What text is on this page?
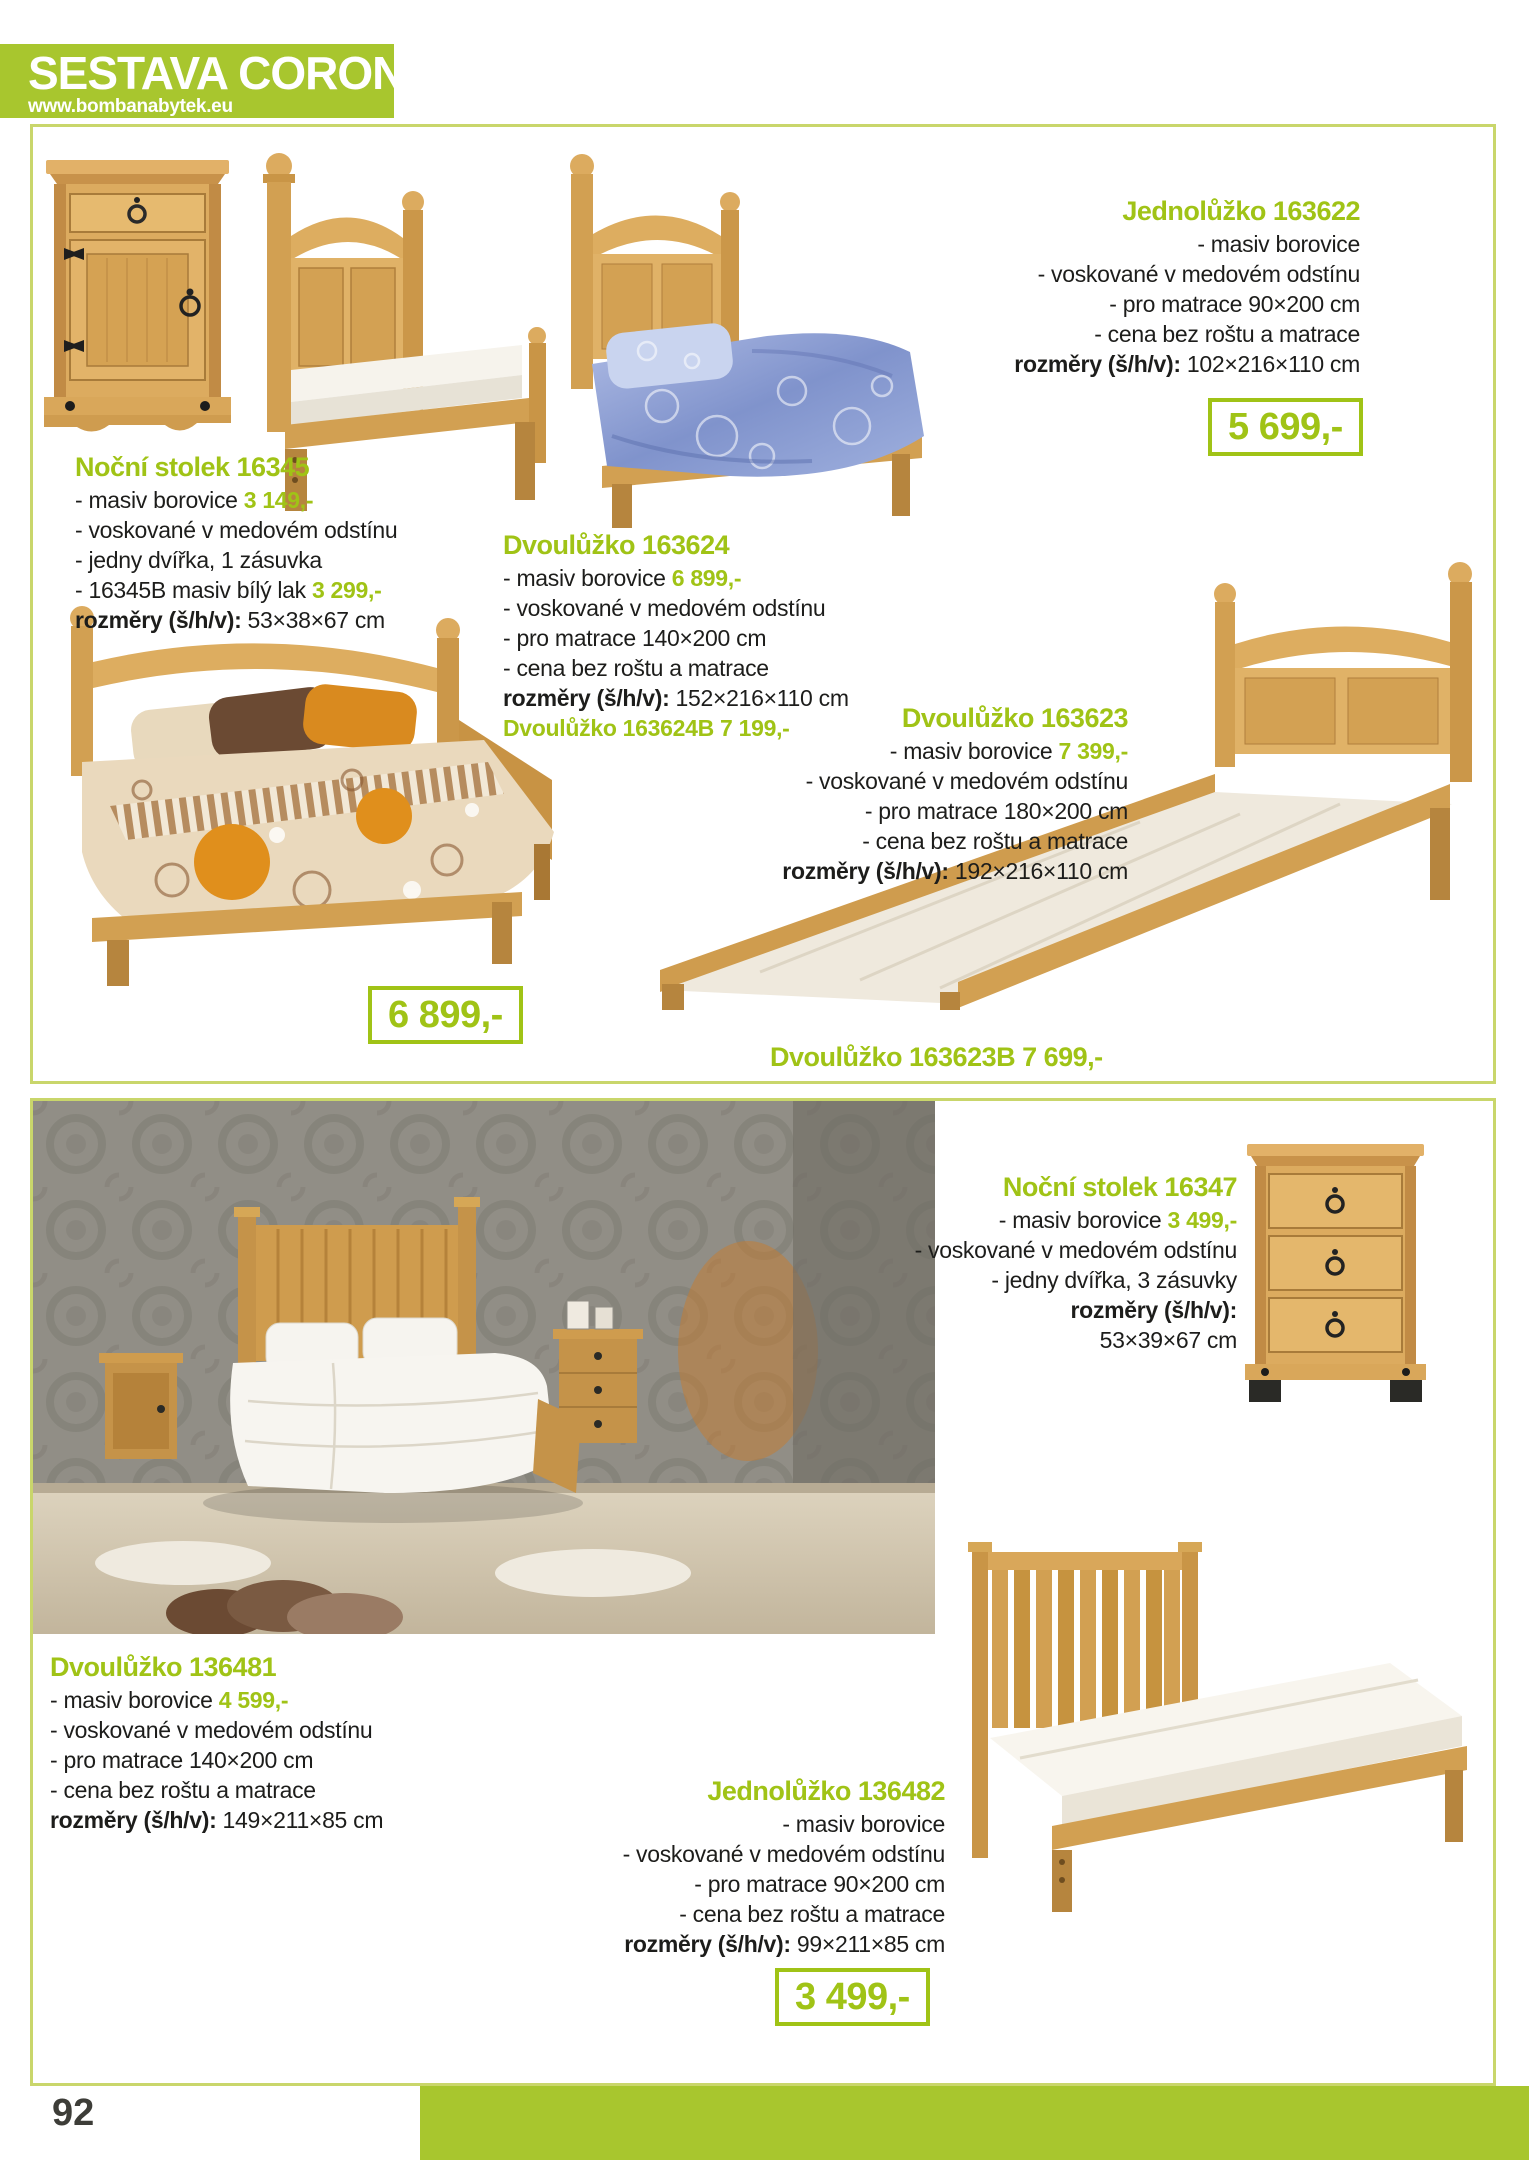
SESTAVA CORONA
www.bombanabytek.eu
Noční stolek 16345
- masiv borovice 3 149,-
- voskované v medovém odstínu
- jedny dvířka, 1 zásuvka
- 16345B masiv bílý lak 3 299,-
rozměry (š/h/v): 53×38×67 cm
Dvoulůžko 163624
- masiv borovice 6 899,-
- voskované v medovém odstínu
- pro matrace 140×200 cm
- cena bez roštu a matrace
rozměry (š/h/v): 152×216×110 cm
Dvoulůžko 163624B 7 199,-
Jednolůžko 163622
- masiv borovice
- voskované v medovém odstínu
- pro matrace 90×200 cm
- cena bez roštu a matrace
rozměry (š/h/v): 102×216×110 cm
Dvoulůžko 163623
- masiv borovice 7 399,-
- voskované v medovém odstínu
- pro matrace 180×200 cm
- cena bez roštu a matrace
rozměry (š/h/v): 192×216×110 cm
Noční stolek 16347
- masiv borovice 3 499,-
- voskované v medovém odstínu
- jedny dvířka, 3 zásuvky
rozměry (š/h/v):
53×39×67 cm
Dvoulůžko 136481
- masiv borovice 4 599,-
- voskované v medovém odstínu
- pro matrace 140×200 cm
- cena bez roštu a matrace
rozměry (š/h/v): 149×211×85 cm
Jednolůžko 136482
- masiv borovice
- voskované v medovém odstínu
- pro matrace 90×200 cm
- cena bez roštu a matrace
rozměry (š/h/v): 99×211×85 cm
5 699,-
6 899,-
3 499,-
Dvoulůžko 163623B 7 699,-
92
